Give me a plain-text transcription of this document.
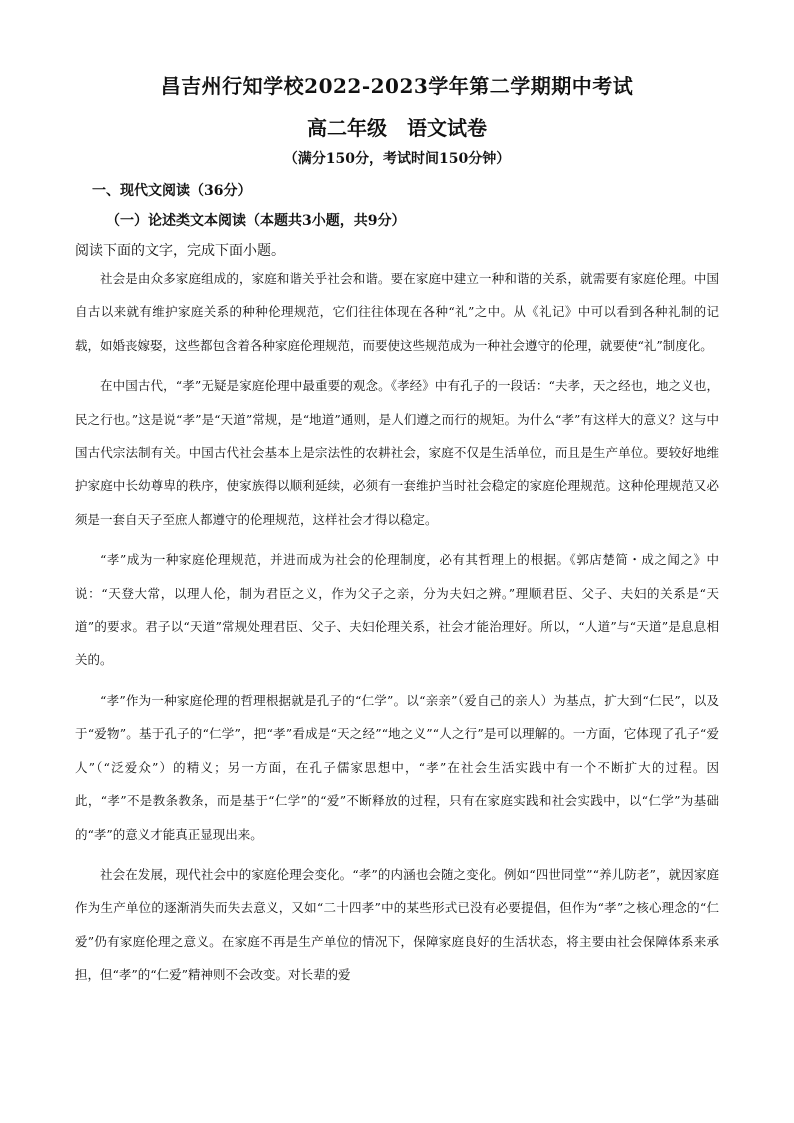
昌吉州行知学校2022-2023学年第二学期期中考试
高二年级　语文试卷
（满分150分，考试时间150分钟）
一、现代文阅读（36分）
（一）论述类文本阅读（本题共3小题，共9分）
阅读下面的文字，完成下面小题。

社会是由众多家庭组成的，家庭和谐关乎社会和谐。要在家庭中建立一种和谐的关系，就需要有家庭伦理。中国自古以来就有维护家庭关系的种种伦理规范，它们往往体现在各种“礼”之中。从《礼记》中可以看到各种礼制的记载，如婚丧嫁娶，这些都包含着各种家庭伦理规范，而要使这些规范成为一种社会遵守的伦理，就要使“礼”制度化。

在中国古代，“孝”无疑是家庭伦理中最重要的观念。《孝经》中有孔子的一段话：“夫孝，天之经也，地之义也，民之行也。”这是说“孝”是“天道”常规，是“地道”通则，是人们遵之而行的规矩。为什么“孝”有这样大的意义？这与中国古代宗法制有关。中国古代社会基本上是宗法性的农耕社会，家庭不仅是生活单位，而且是生产单位。要较好地维护家庭中长幼尊卑的秩序，使家族得以顺利延续，必须有一套维护当时社会稳定的家庭伦理规范。这种伦理规范又必须是一套自天子至庶人都遵守的伦理规范，这样社会才得以稳定。

“孝”成为一种家庭伦理规范，并进而成为社会的伦理制度，必有其哲理上的根据。《郭店楚简・成之闻之》中说：“天登大常，以理人伦，制为君臣之义，作为父子之亲，分为夫妇之辨。”理顺君臣、父子、夫妇的关系是“天道”的要求。君子以“天道”常规处理君臣、父子、夫妇伦理关系，社会才能治理好。所以，“人道”与“天道”是息息相关的。

“孝”作为一种家庭伦理的哲理根据就是孔子的“仁学”。以“亲亲”（爱自己的亲人）为基点，扩大到“仁民”，以及于“爱物”。基于孔子的“仁学”，把“孝”看成是“天之经”“地之义”“人之行”是可以理解的。一方面，它体现了孔子“爱人”（“泛爱众”）的精义；另一方面，在孔子儒家思想中，“孝”在社会生活实践中有一个不断扩大的过程。因此，“孝”不是教条教条，而是基于“仁学”的“爱”不断释放的过程，只有在家庭实践和社会实践中，以“仁学”为基础的“孝”的意义才能真正显现出来。

社会在发展，现代社会中的家庭伦理会变化。“孝”的内涵也会随之变化。例如“四世同堂”“养儿防老”，就因家庭作为生产单位的逐渐消失而失去意义，又如“二十四孝”中的某些形式已没有必要提倡，但作为“孝”之核心理念的“仁爱”仍有家庭伦理之意义。在家庭不再是生产单位的情况下，保障家庭良好的生活状态，将主要由社会保障体系来承担，但“孝”的“仁爱”精神则不会改变。对长辈的爱
